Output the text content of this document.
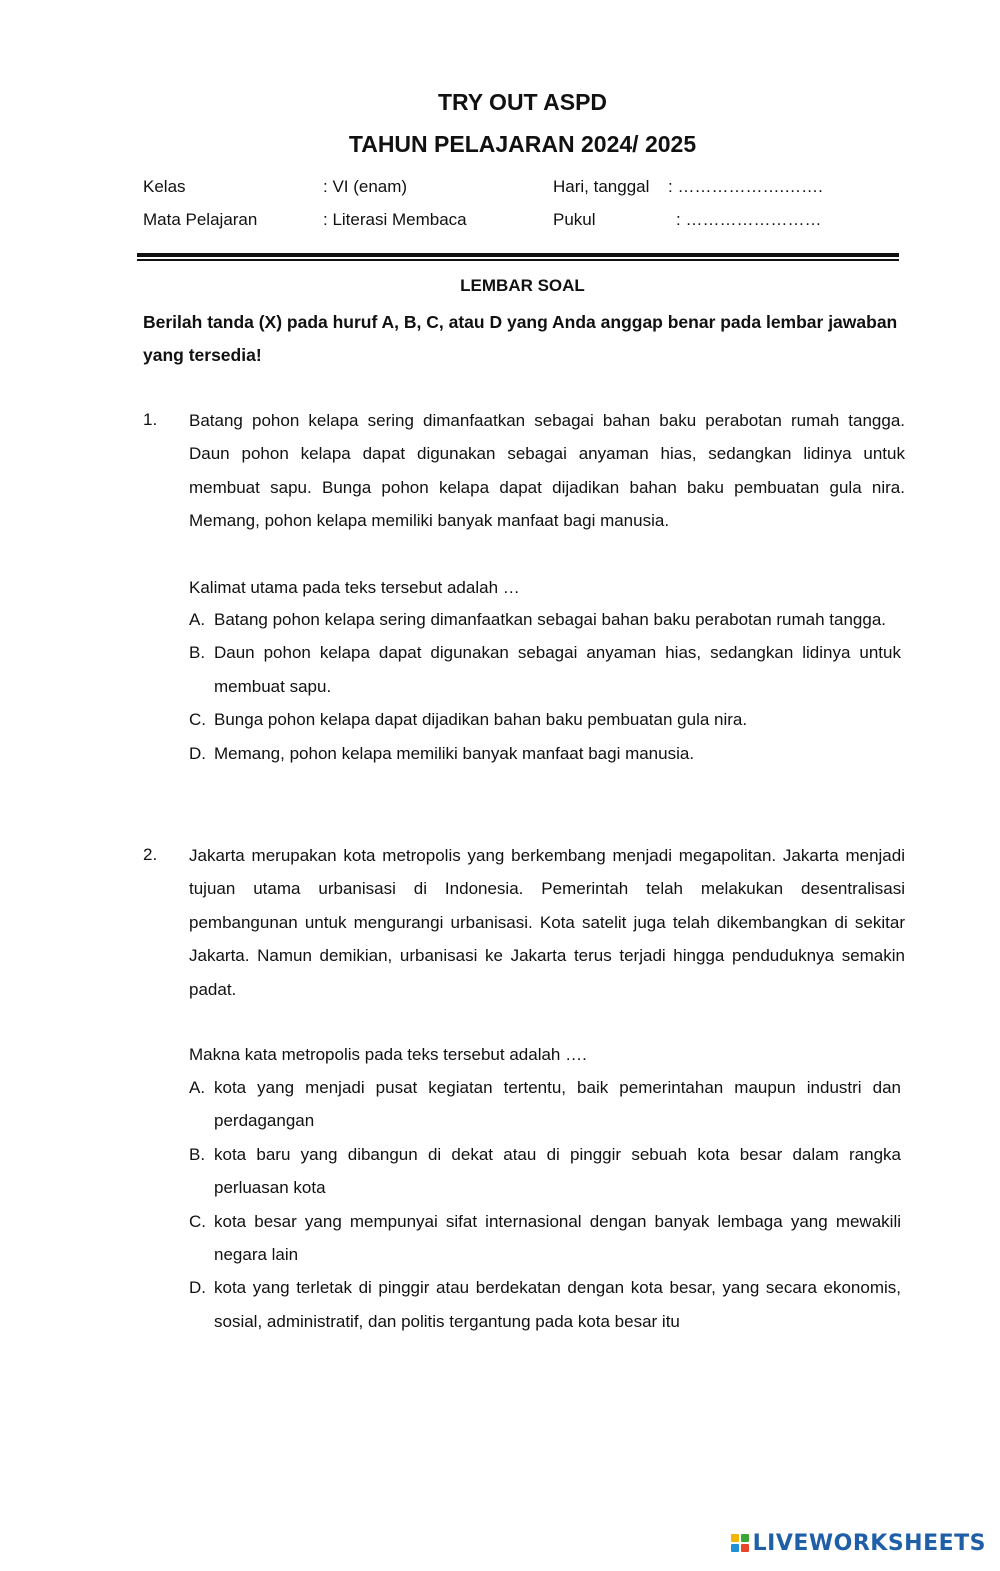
TRY OUT ASPD
TAHUN PELAJARAN 2024/ 2025
Kelas	: VI (enam)	Hari, tanggal : ……………….…….
Mata Pelajaran	: Literasi Membaca	Pukul	: ……………………
LEMBAR SOAL

Berilah tanda (X) pada huruf A, B, C, atau D yang Anda anggap benar pada lembar jawaban yang tersedia!

1. Batang pohon kelapa sering dimanfaatkan sebagai bahan baku perabotan rumah tangga. Daun pohon kelapa dapat digunakan sebagai anyaman hias, sedangkan lidinya untuk membuat sapu. Bunga pohon kelapa dapat dijadikan bahan baku pembuatan gula nira. Memang, pohon kelapa memiliki banyak manfaat bagi manusia.

Kalimat utama pada teks tersebut adalah …

A. Batang pohon kelapa sering dimanfaatkan sebagai bahan baku perabotan rumah tangga.
B. Daun pohon kelapa dapat digunakan sebagai anyaman hias, sedangkan lidinya untuk membuat sapu.
C. Bunga pohon kelapa dapat dijadikan bahan baku pembuatan gula nira.
D. Memang, pohon kelapa memiliki banyak manfaat bagi manusia.
2. Jakarta merupakan kota metropolis yang berkembang menjadi megapolitan. Jakarta menjadi tujuan utama urbanisasi di Indonesia. Pemerintah telah melakukan desentralisasi pembangunan untuk mengurangi urbanisasi. Kota satelit juga telah dikembangkan di sekitar Jakarta. Namun demikian, urbanisasi ke Jakarta terus terjadi hingga penduduknya semakin padat.

Makna kata metropolis pada teks tersebut adalah ….

A. kota yang menjadi pusat kegiatan tertentu, baik pemerintahan maupun industri dan perdagangan
B. kota baru yang dibangun di dekat atau di pinggir sebuah kota besar dalam rangka perluasan kota
C. kota besar yang mempunyai sifat internasional dengan banyak lembaga yang mewakili negara lain
D. kota yang terletak di pinggir atau berdekatan dengan kota besar, yang secara ekonomis, sosial, administratif, dan politis tergantung pada kota besar itu
LIVEWORKSHEETS
